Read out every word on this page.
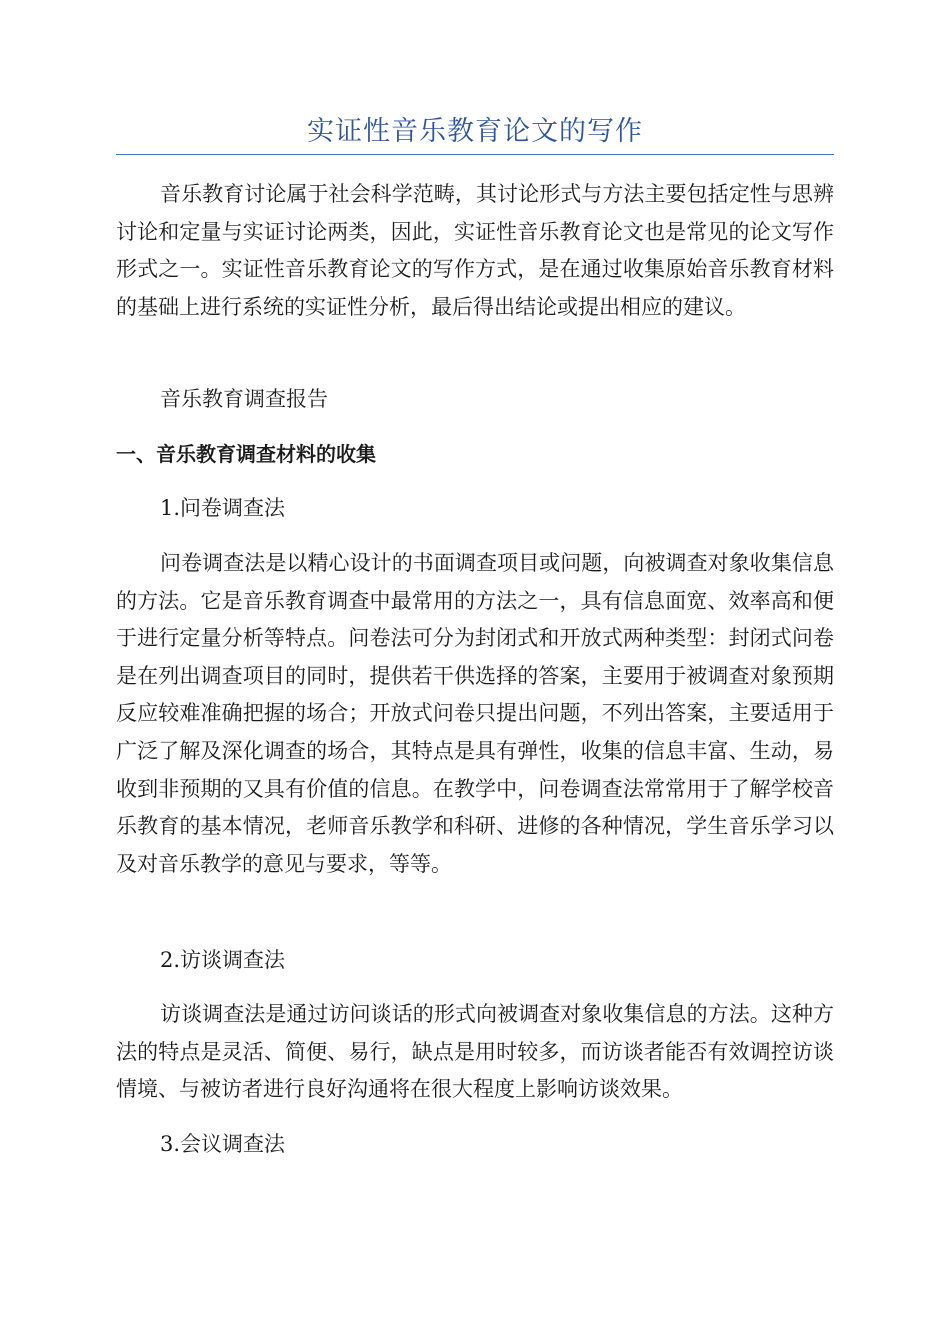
实证性音乐教育论文的写作

音乐教育讨论属于社会科学范畴，其讨论形式与方法主要包括定性与思辨讨论和定量与实证讨论两类，因此，实证性音乐教育论文也是常见的论文写作形式之一。实证性音乐教育论文的写作方式，是在通过收集原始音乐教育材料的基础上进行系统的实证性分析，最后得出结论或提出相应的建议。

音乐教育调查报告
一、音乐教育调查材料的收集
1.问卷调查法

问卷调查法是以精心设计的书面调查项目或问题，向被调查对象收集信息的方法。它是音乐教育调查中最常用的方法之一，具有信息面宽、效率高和便于进行定量分析等特点。问卷法可分为封闭式和开放式两种类型：封闭式问卷是在列出调查项目的同时，提供若干供选择的答案，主要用于被调查对象预期反应较难准确把握的场合；开放式问卷只提出问题，不列出答案，主要适用于广泛了解及深化调查的场合，其特点是具有弹性，收集的信息丰富、生动，易收到非预期的又具有价值的信息。在教学中，问卷调查法常常用于了解学校音乐教育的基本情况，老师音乐教学和科研、进修的各种情况，学生音乐学习以及对音乐教学的意见与要求，等等。

2.访谈调查法

访谈调查法是通过访问谈话的形式向被调查对象收集信息的方法。这种方法的特点是灵活、简便、易行，缺点是用时较多，而访谈者能否有效调控访谈情境、与被访者进行良好沟通将在很大程度上影响访谈效果。

3.会议调查法
